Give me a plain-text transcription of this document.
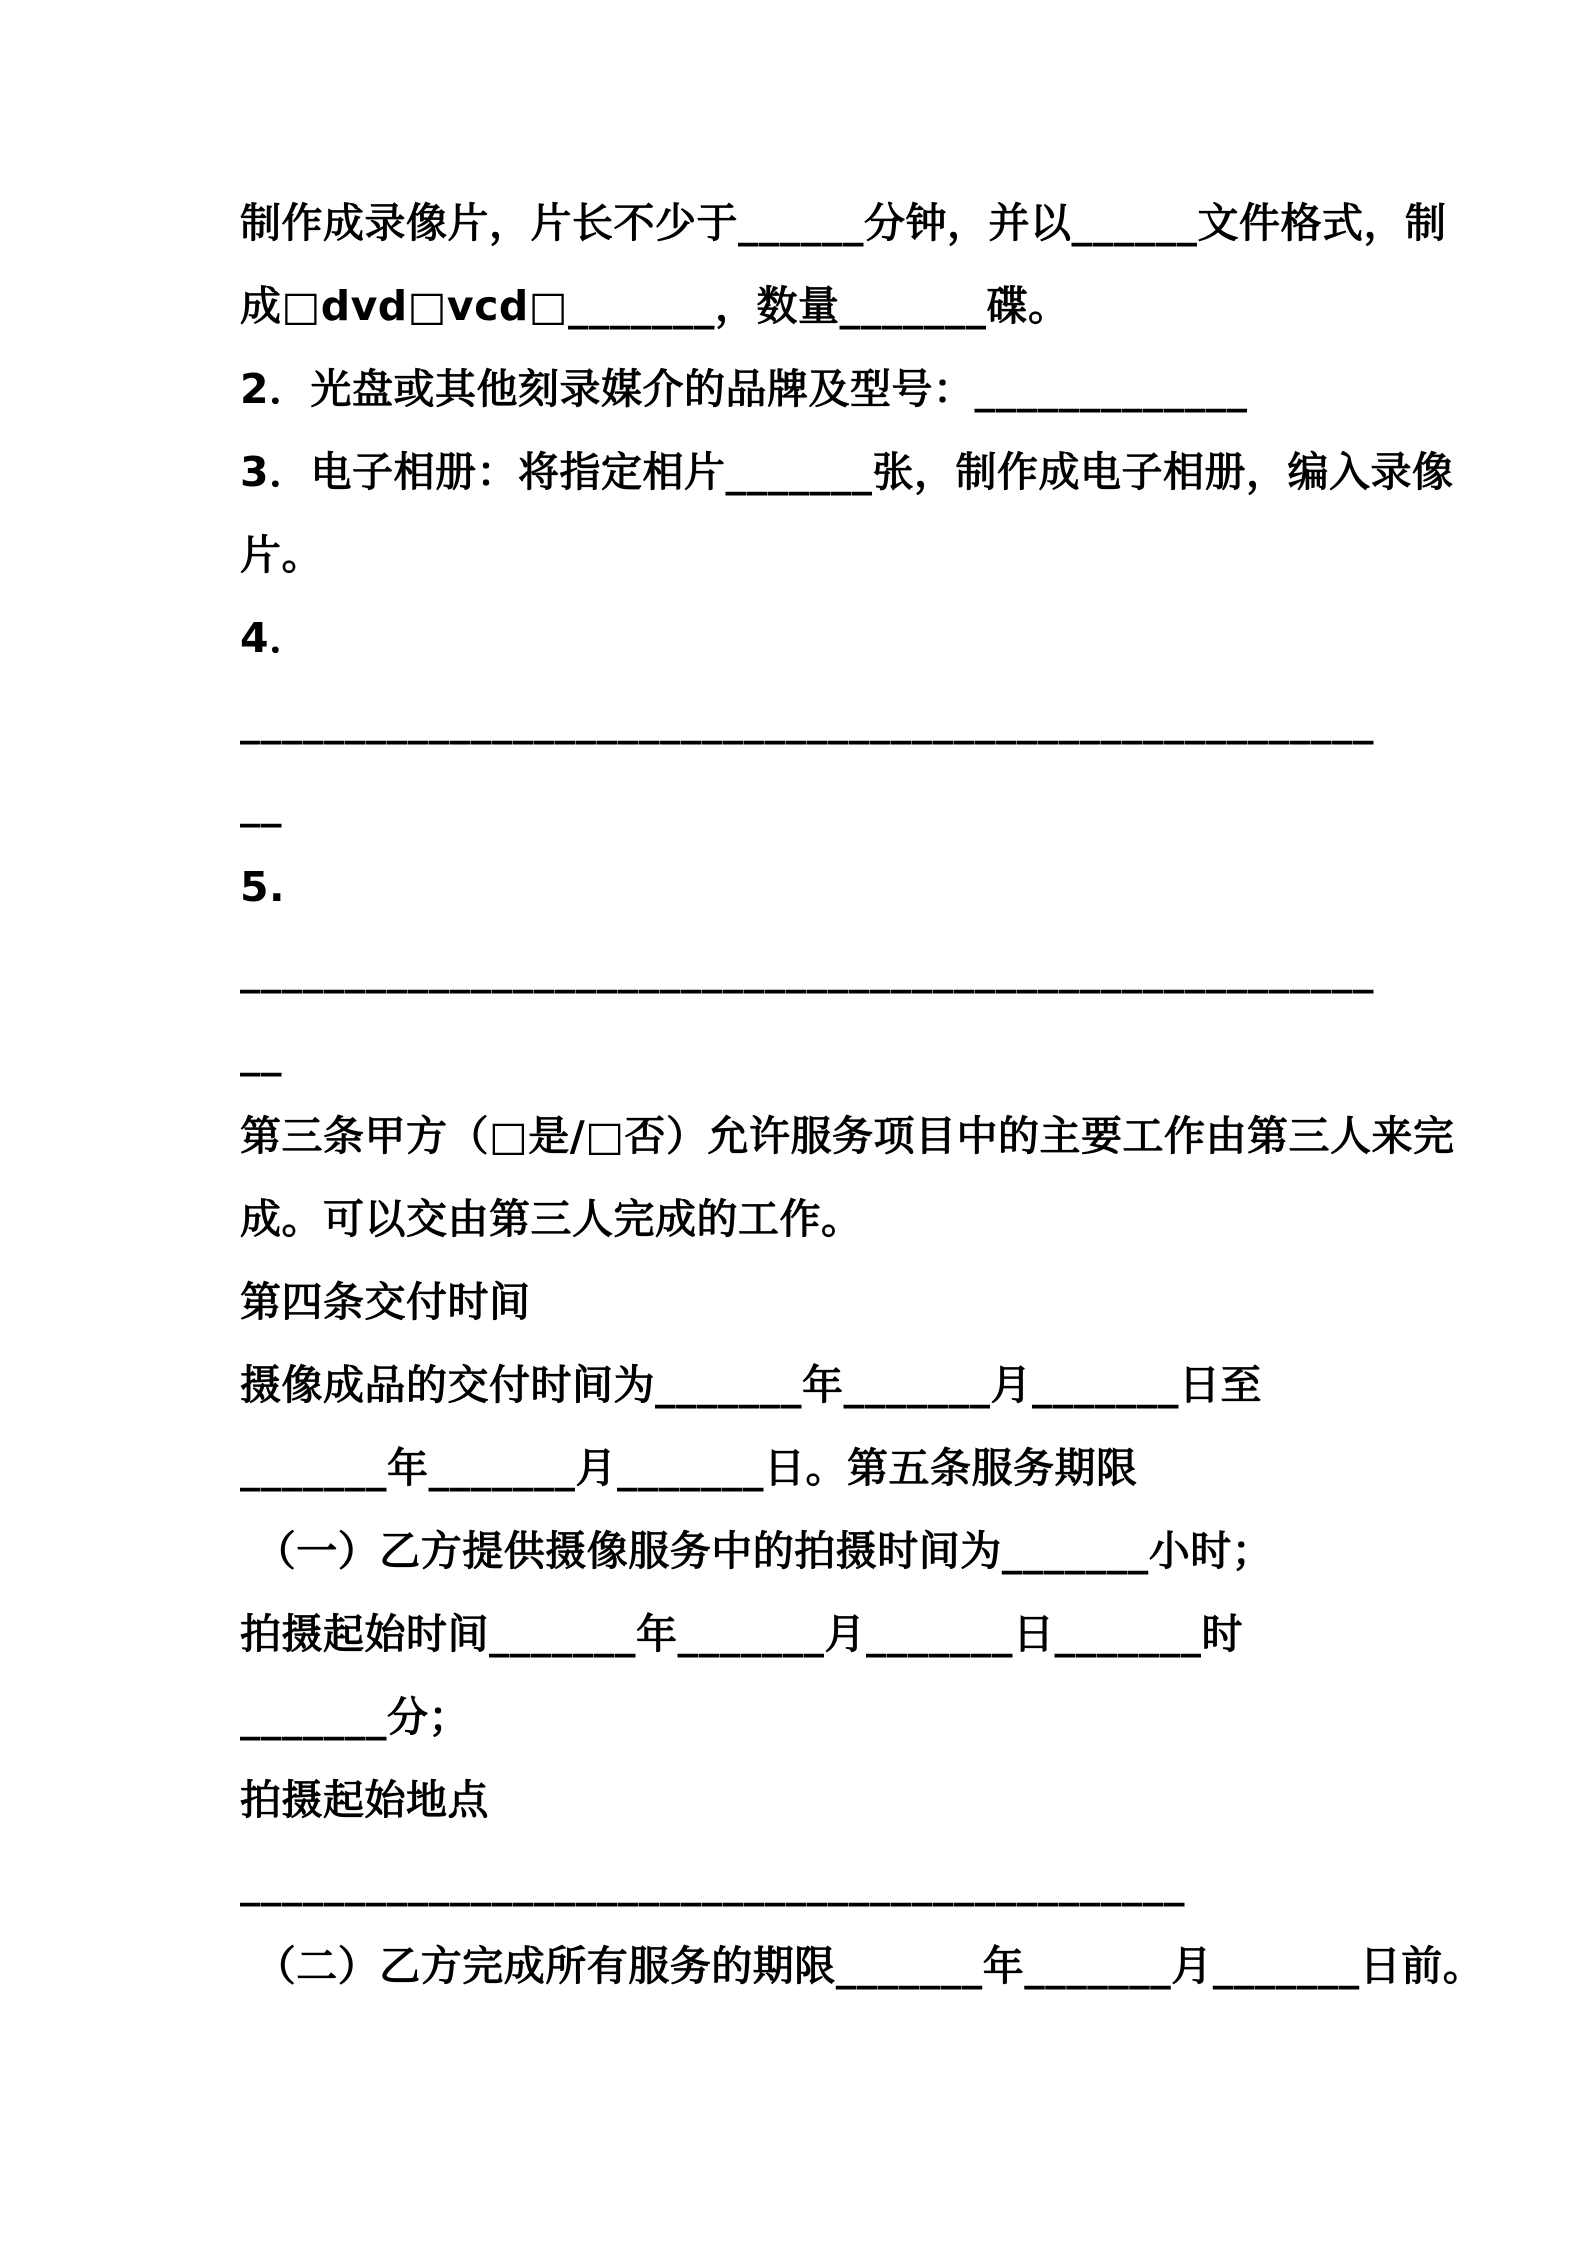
制作成录像片，片长不少于______分钟，并以______文件格式，制
成□dvd□vcd□_______，数量_______碟。
2．光盘或其他刻录媒介的品牌及型号：_____________
3．电子相册：将指定相片_______张，制作成电子相册，编入录像
片。
4．
______________________________________________________
__
5.
______________________________________________________
__
第三条甲方（□是/□否）允许服务项目中的主要工作由第三人来完
成。可以交由第三人完成的工作。
第四条交付时间
摄像成品的交付时间为_______年_______月_______日至
_______年_______月_______日。第五条服务期限
（一）乙方提供摄像服务中的拍摄时间为_______小时；
拍摄起始时间_______年_______月_______日_______时
_______分；
拍摄起始地点
_____________________________________________
（二）乙方完成所有服务的期限_______年_______月_______日前。
